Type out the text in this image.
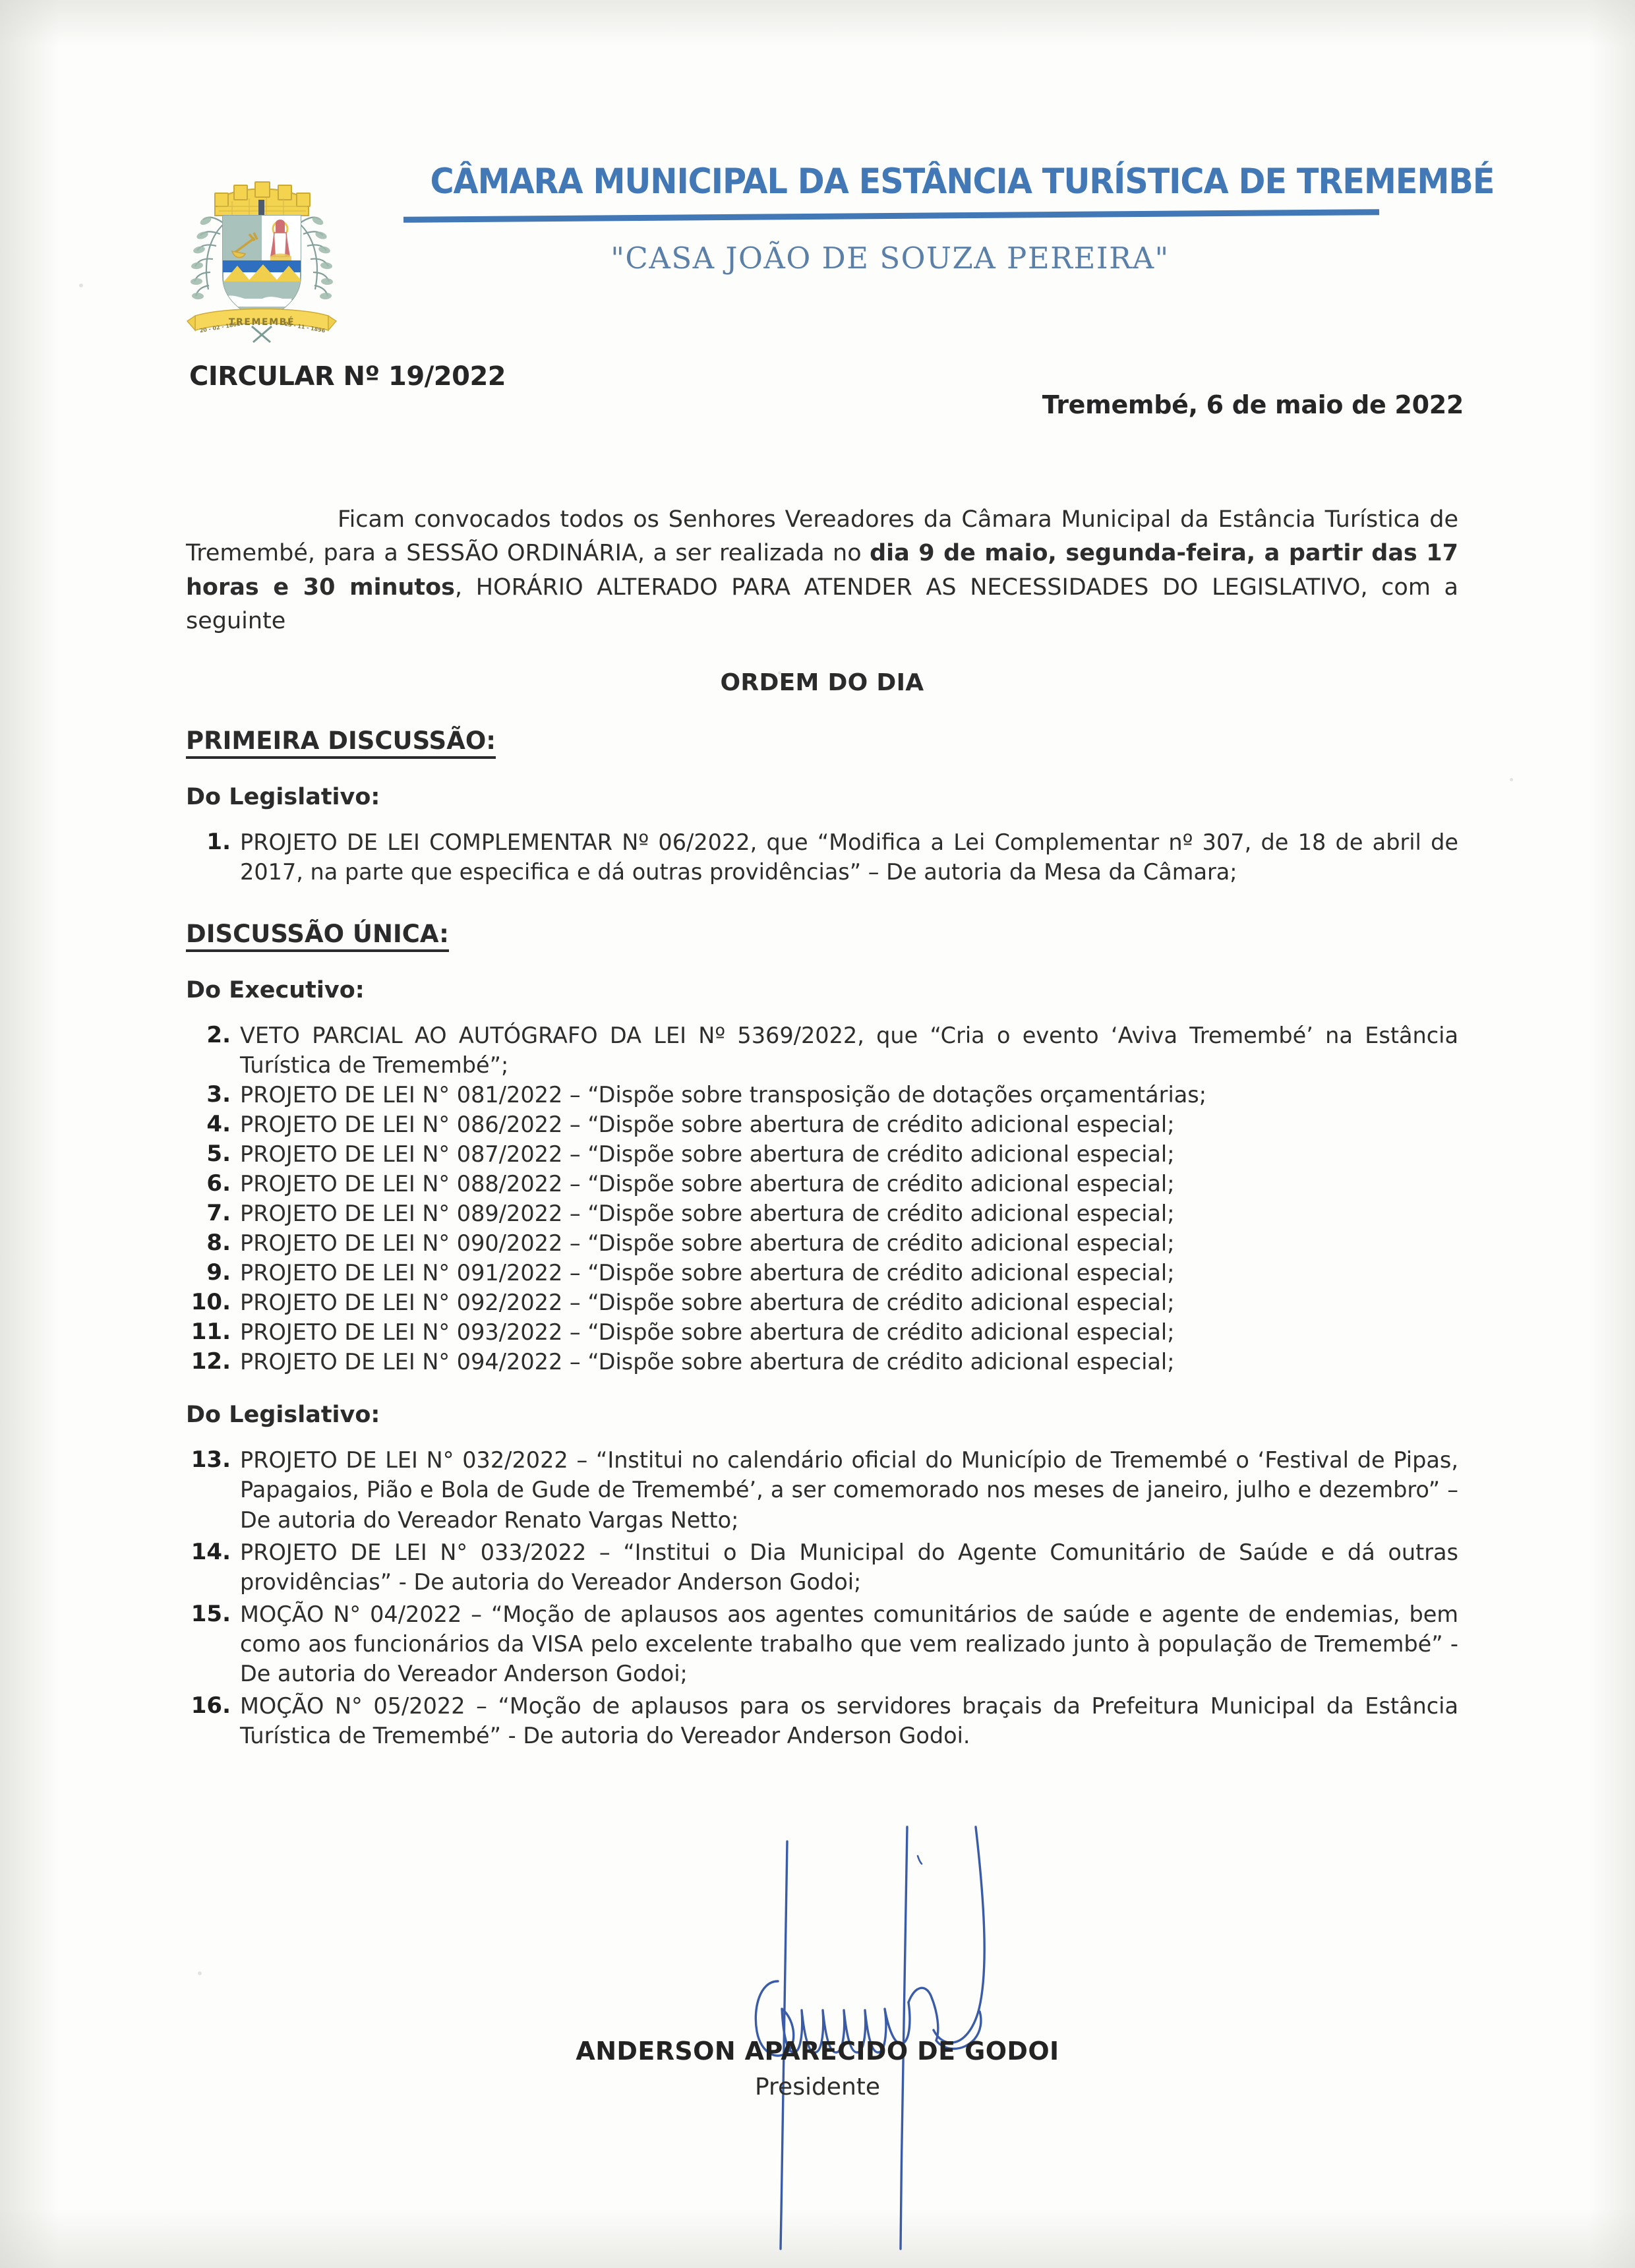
TREMEMBÉ
20 - 02 - 1861	25 - 11 - 1896
CÂMARA MUNICIPAL DA ESTÂNCIA TURÍSTICA DE TREMEMBÉ
"CASA JOÃO DE SOUZA PEREIRA"
CIRCULAR Nº 19/2022
Tremembé, 6 de maio de 2022

Ficam convocados todos os Senhores Vereadores da Câmara Municipal da Estância Turística de Tremembé, para a SESSÃO ORDINÁRIA, a ser realizada no dia 9 de maio, segunda-feira, a partir das 17 horas e 30 minutos, HORÁRIO ALTERADO PARA ATENDER AS NECESSIDADES DO LEGISLATIVO, com a seguinte

ORDEM DO DIA
PRIMEIRA DISCUSSÃO:
Do Legislativo:
1. PROJETO DE LEI COMPLEMENTAR Nº 06/2022, que “Modifica a Lei Complementar nº 307, de 18 de abril de 2017, na parte que especifica e dá outras providências” – De autoria da Mesa da Câmara;
DISCUSSÃO ÚNICA:
Do Executivo:
2. VETO PARCIAL AO AUTÓGRAFO DA LEI Nº 5369/2022, que “Cria o evento ‘Aviva Tremembé’ na Estância Turística de Tremembé”;
3. PROJETO DE LEI N° 081/2022 – “Dispõe sobre transposição de dotações orçamentárias;
4. PROJETO DE LEI N° 086/2022 – “Dispõe sobre abertura de crédito adicional especial;
5. PROJETO DE LEI N° 087/2022 – “Dispõe sobre abertura de crédito adicional especial;
6. PROJETO DE LEI N° 088/2022 – “Dispõe sobre abertura de crédito adicional especial;
7. PROJETO DE LEI N° 089/2022 – “Dispõe sobre abertura de crédito adicional especial;
8. PROJETO DE LEI N° 090/2022 – “Dispõe sobre abertura de crédito adicional especial;
9. PROJETO DE LEI N° 091/2022 – “Dispõe sobre abertura de crédito adicional especial;
10. PROJETO DE LEI N° 092/2022 – “Dispõe sobre abertura de crédito adicional especial;
11. PROJETO DE LEI N° 093/2022 – “Dispõe sobre abertura de crédito adicional especial;
12. PROJETO DE LEI N° 094/2022 – “Dispõe sobre abertura de crédito adicional especial;
Do Legislativo:
13. PROJETO DE LEI N° 032/2022 – “Institui no calendário oficial do Município de Tremembé o ‘Festival de Pipas, Papagaios, Pião e Bola de Gude de Tremembé’, a ser comemorado nos meses de janeiro, julho e dezembro” – De autoria do Vereador Renato Vargas Netto;
14. PROJETO DE LEI N° 033/2022 – “Institui o Dia Municipal do Agente Comunitário de Saúde e dá outras providências” - De autoria do Vereador Anderson Godoi;
15. MOÇÃO N° 04/2022 – “Moção de aplausos aos agentes comunitários de saúde e agente de endemias, bem como aos funcionários da VISA pelo excelente trabalho que vem realizado junto à população de Tremembé” - De autoria do Vereador Anderson Godoi;
16. MOÇÃO N° 05/2022 – “Moção de aplausos para os servidores braçais da Prefeitura Municipal da Estância Turística de Tremembé” - De autoria do Vereador Anderson Godoi.
ANDERSON APARECIDO DE GODOI
Presidente
